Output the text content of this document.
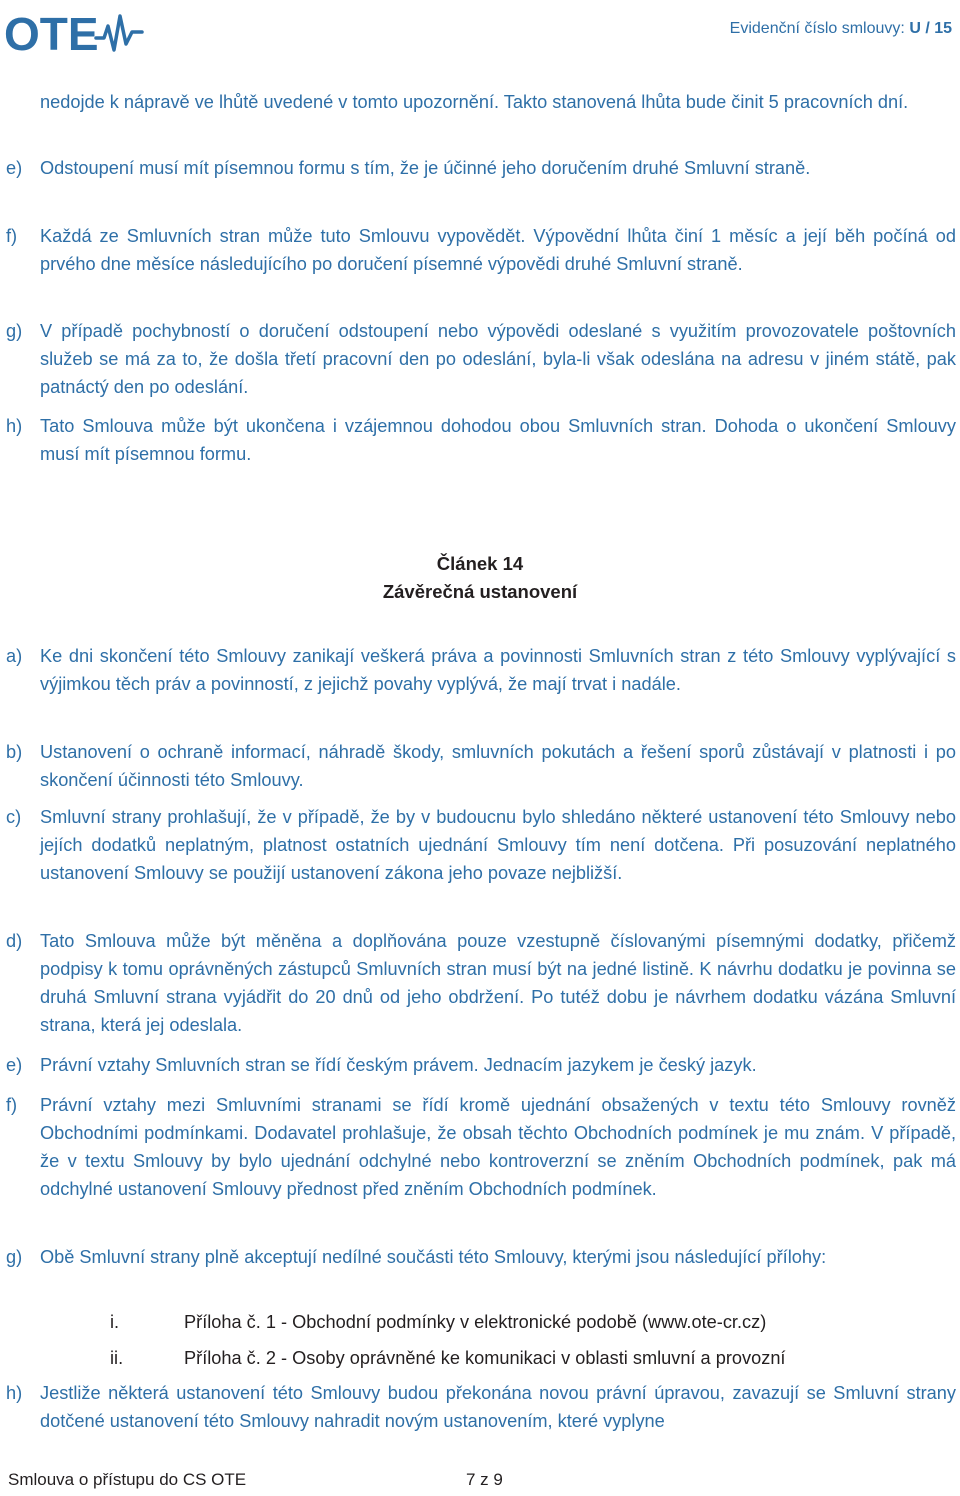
OTE	Evidenční číslo smlouvy: U / 15
nedojde k nápravě ve lhůtě uvedené v tomto upozornění. Takto stanovená lhůta bude činit 5 pracovních dní.
e) Odstoupení musí mít písemnou formu s tím, že je účinné jeho doručením druhé Smluvní straně.
f) Každá ze Smluvních stran může tuto Smlouvu vypovědět. Výpovědní lhůta činí 1 měsíc a její běh počíná od prvého dne měsíce následujícího po doručení písemné výpovědi druhé Smluvní straně.
g) V případě pochybností o doručení odstoupení nebo výpovědi odeslané s využitím provozovatele poštovních služeb se má za to, že došla třetí pracovní den po odeslání, byla-li však odeslána na adresu v jiném státě, pak patnáctý den po odeslání.
h) Tato Smlouva může být ukončena i vzájemnou dohodou obou Smluvních stran. Dohoda o ukončení Smlouvy musí mít písemnou formu.
Článek 14
Závěrečná ustanovení
a) Ke dni skončení této Smlouvy zanikají veškerá práva a povinnosti Smluvních stran z této Smlouvy vyplývající s výjimkou těch práv a povinností, z jejichž povahy vyplývá, že mají trvat i nadále.
b) Ustanovení o ochraně informací, náhradě škody, smluvních pokutách a řešení sporů zůstávají v platnosti i po skončení účinnosti této Smlouvy.
c) Smluvní strany prohlašují, že v případě, že by v budoucnu bylo shledáno některé ustanovení této Smlouvy nebo jejích dodatků neplatným, platnost ostatních ujednání Smlouvy tím není dotčena. Při posuzování neplatného ustanovení Smlouvy se použijí ustanovení zákona jeho povaze nejbližší.
d) Tato Smlouva může být měněna a doplňována pouze vzestupně číslovanými písemnými dodatky, přičemž podpisy k tomu oprávněných zástupců Smluvních stran musí být na jedné listině. K návrhu dodatku je povinna se druhá Smluvní strana vyjádřit do 20 dnů od jeho obdržení. Po tutéž dobu je návrhem dodatku vázána Smluvní strana, která jej odeslala.
e) Právní vztahy Smluvních stran se řídí českým právem. Jednacím jazykem je český jazyk.
f) Právní vztahy mezi Smluvními stranami se řídí kromě ujednání obsažených v textu této Smlouvy rovněž Obchodními podmínkami. Dodavatel prohlašuje, že obsah těchto Obchodních podmínek je mu znám. V případě, že v textu Smlouvy by bylo ujednání odchylné nebo kontroverzní se zněním Obchodních podmínek, pak má odchylné ustanovení Smlouvy přednost před zněním Obchodních podmínek.
g) Obě Smluvní strany plně akceptují nedílné součásti této Smlouvy, kterými jsou následující přílohy:
i.	Příloha č. 1 - Obchodní podmínky v elektronické podobě (www.ote-cr.cz)
ii.	Příloha č. 2 - Osoby oprávněné ke komunikaci v oblasti smluvní a provozní
h) Jestliže některá ustanovení této Smlouvy budou překonána novou právní úpravou, zavazují se Smluvní strany dotčené ustanovení této Smlouvy nahradit novým ustanovením, které vyplyne
Smlouva o přístupu do CS OTE	7 z 9
